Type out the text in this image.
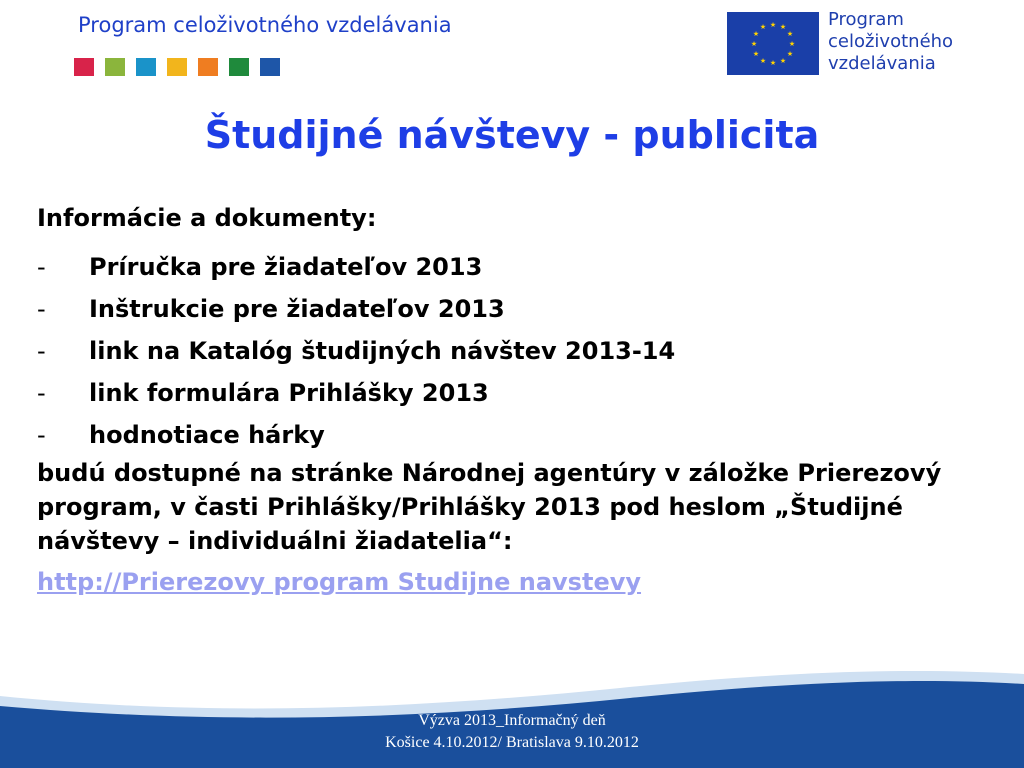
Program celoživotného vzdelávania	★ ★
★
★
★
★
★
★
★
★
★
★	Program
celoživotného
vzdelávania
Študijné návštevy - publicita
Informácie a dokumenty:
-	Príručka pre žiadateľov 2013
-	Inštrukcie pre žiadateľov 2013
-	link na Katalóg študijných návštev 2013-14
-	link formulára Prihlášky 2013
-	hodnotiace hárky
budú dostupné na stránke Národnej agentúry v záložke Prierezový program, v časti Prihlášky/Prihlášky 2013 pod heslom „Študijné návštevy – individuálni žiadatelia“:
http://Prierezovy program Studijne navstevy
Výzva 2013_Informačný deň
Košice 4.10.2012/ Bratislava 9.10.2012
